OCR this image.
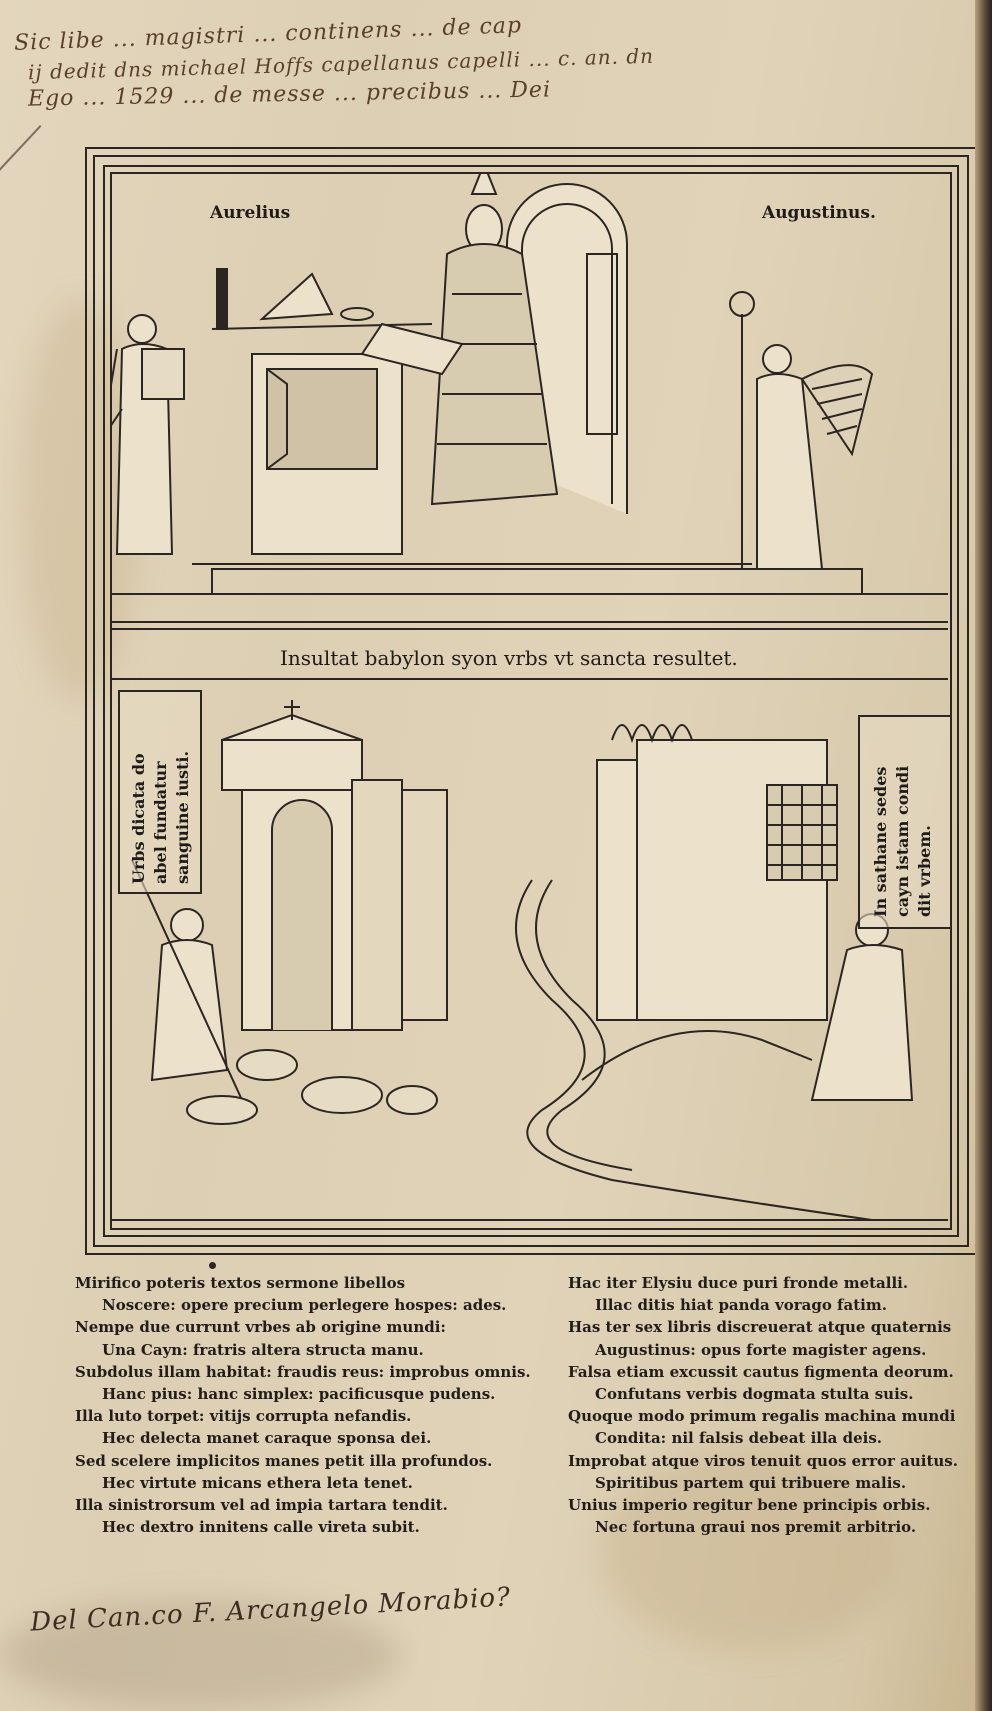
Sic libe ... magistri ... continens ... de cap
ij dedit dns michael Hoffs capellanus capelli ... c. an. dn
Ego ... 1529 ... de messe ... precibus ... Dei
Aurelius	Augustinus.
Insultat babylon syon vrbs vt sancta resultet.
Urbs dicata do abel fundatur sanguine iusti.	In sathane sedes cayn istam condi dit vrbem.
Mirifico poteris textos sermone libellos
Noscere: opere precium perlegere hospes: ades.
Nempe due currunt vrbes ab origine mundi:
Una Cayn: fratris altera structa manu.
Subdolus illam habitat: fraudis reus: improbus omnis.
Hanc pius: hanc simplex: pacificusque pudens.
Illa luto torpet: vitijs corrupta nefandis.
Hec delecta manet caraque sponsa dei.
Sed scelere implicitos manes petit illa profundos.
Hec virtute micans ethera leta tenet.
Illa sinistrorsum vel ad impia tartara tendit.
Hec dextro innitens calle vireta subit.
Hac iter Elysiu duce puri fronde metalli.
Illac ditis hiat panda vorago fatim.
Has ter sex libris discreuerat atque quaternis
Augustinus: opus forte magister agens.
Falsa etiam excussit cautus figmenta deorum.
Confutans verbis dogmata stulta suis.
Quoque modo primum regalis machina mundi
Condita: nil falsis debeat illa deis.
Improbat atque viros tenuit quos error auitus.
Spiritibus partem qui tribuere malis.
Unius imperio regitur bene principis orbis.
Nec fortuna graui nos premit arbitrio.
Del Can.co F. Arcangelo Morabio?
